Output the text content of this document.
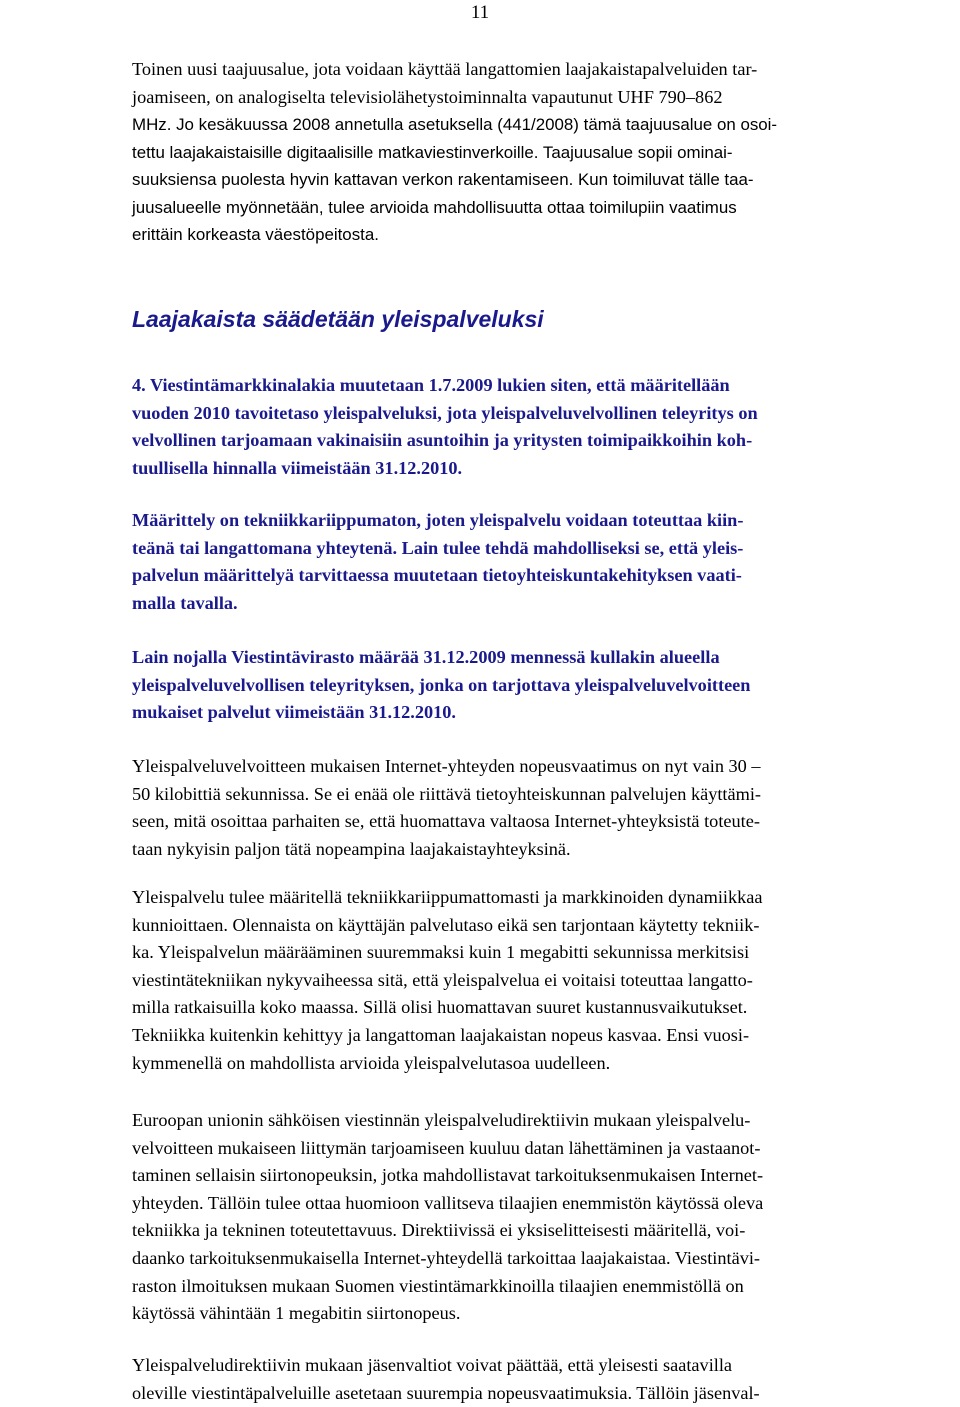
11

Toinen uusi taajuusalue, jota voidaan käyttää langattomien laajakaistapalveluiden tar-
joamiseen, on analogiselta televisiolähetystoiminnalta vapautunut UHF 790–862

MHz. Jo kesäkuussa 2008 annetulla asetuksella (441/2008) tämä taajuusalue on osoi-
tettu laajakaistaisille digitaalisille matkaviestinverkoille. Taajuusalue sopii ominai-
suuksiensa puolesta hyvin kattavan verkon rakentamiseen. Kun toimiluvat tälle taa-
juusalueelle myönnetään, tulee arvioida mahdollisuutta ottaa toimilupiin vaatimus
erittäin korkeasta väestöpeitosta.

Laajakaista säädetään yleispalveluksi

4. Viestintämarkkinalakia muutetaan 1.7.2009 lukien siten, että määritellään
vuoden 2010 tavoitetaso yleispalveluksi, jota yleispalveluvelvollinen teleyritys on
velvollinen tarjoamaan vakinaisiin asuntoihin ja yritysten toimipaikkoihin koh-
tuullisella hinnalla viimeistään 31.12.2010.

Määrittely on tekniikkariippumaton, joten yleispalvelu voidaan toteuttaa kiin-
teänä tai langattomana yhteytenä. Lain tulee tehdä mahdolliseksi se, että yleis-
palvelun määrittelyä tarvittaessa muutetaan tietoyhteiskuntakehityksen vaati-
malla tavalla.

Lain nojalla Viestintävirasto määrää 31.12.2009 mennessä kullakin alueella
yleispalveluvelvollisen teleyrityksen, jonka on tarjottava yleispalveluvelvoitteen
mukaiset palvelut viimeistään 31.12.2010.

Yleispalveluvelvoitteen mukaisen Internet-yhteyden nopeusvaatimus on nyt vain 30 –
50 kilobittiä sekunnissa. Se ei enää ole riittävä tietoyhteiskunnan palvelujen käyttämi-
seen, mitä osoittaa parhaiten se, että huomattava valtaosa Internet-yhteyksistä toteute-
taan nykyisin paljon tätä nopeampina laajakaistayhteyksinä.

Yleispalvelu tulee määritellä tekniikkariippumattomasti ja markkinoiden dynamiikkaa
kunnioittaen. Olennaista on käyttäjän palvelutaso eikä sen tarjontaan käytetty tekniik-
ka. Yleispalvelun määrääminen suuremmaksi kuin 1 megabitti sekunnissa merkitsisi
viestintätekniikan nykyvaiheessa sitä, että yleispalvelua ei voitaisi toteuttaa langatto-
milla ratkaisuilla koko maassa. Sillä olisi huomattavan suuret kustannusvaikutukset.
Tekniikka kuitenkin kehittyy ja langattoman laajakaistan nopeus kasvaa. Ensi vuosi-
kymmenellä on mahdollista arvioida yleispalvelutasoa uudelleen.

Euroopan unionin sähköisen viestinnän yleispalveludirektiivin mukaan yleispalvelu-
velvoitteen mukaiseen liittymän tarjoamiseen kuuluu datan lähettäminen ja vastaanot-
taminen sellaisin siirtonopeuksin, jotka mahdollistavat tarkoituksenmukaisen Internet-
yhteyden. Tällöin tulee ottaa huomioon vallitseva tilaajien enemmistön käytössä oleva
tekniikka ja tekninen toteutettavuus. Direktiivissä ei yksiselitteisesti määritellä, voi-
daanko tarkoituksenmukaisella Internet-yhteydellä tarkoittaa laajakaistaa. Viestintävi-
raston ilmoituksen mukaan Suomen viestintämarkkinoilla tilaajien enemmistöllä on
käytössä vähintään 1 megabitin siirtonopeus.

Yleispalveludirektiivin mukaan jäsenvaltiot voivat päättää, että yleisesti saatavilla
oleville viestintäpalveluille asetetaan suurempia nopeusvaatimuksia. Tällöin jäsenval-
